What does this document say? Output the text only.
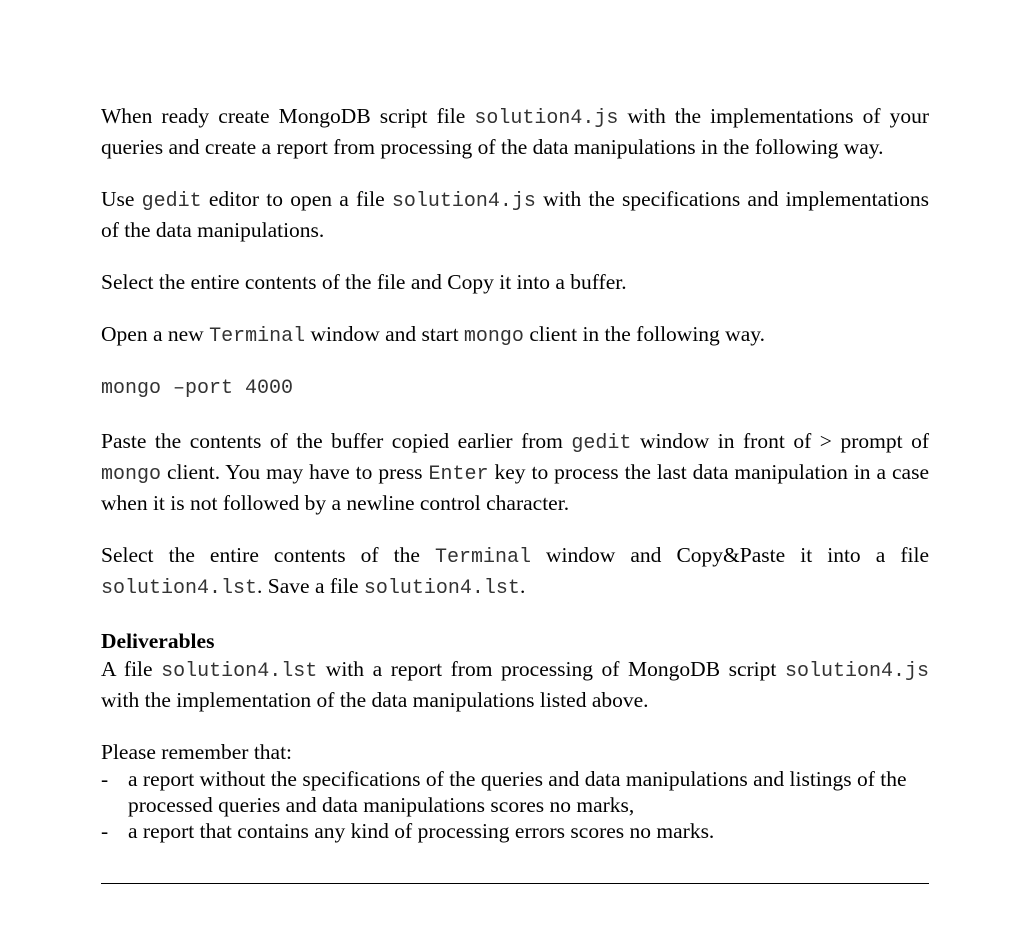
When ready create MongoDB script file solution4.js with the implementations of your queries and create a report from processing of the data manipulations in the following way.

Use gedit editor to open a file solution4.js with the specifications and implementations of the data manipulations.

Select the entire contents of the file and Copy it into a buffer.

Open a new Terminal window and start mongo client in the following way.

mongo –port 4000

Paste the contents of the buffer copied earlier from gedit window in front of > prompt of mongo client. You may have to press Enter key to process the last data manipulation in a case when it is not followed by a newline control character.

Select the entire contents of the Terminal window and Copy&Paste it into a file solution4.lst. Save a file solution4.lst.

Deliverables

A file solution4.lst with a report from processing of MongoDB script solution4.js with the implementation of the data manipulations listed above.

Please remember that:

- a report without the specifications of the queries and data manipulations and listings of the processed queries and data manipulations scores no marks,
- a report that contains any kind of processing errors scores no marks.
